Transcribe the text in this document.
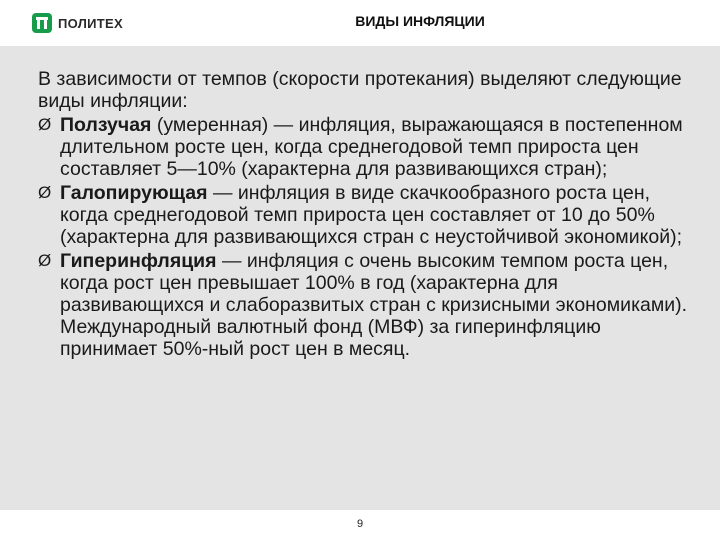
ПОЛИТЕХ	ВИДЫ ИНФЛЯЦИИ

В зависимости от темпов (скорости протекания) выделяют следующие виды инфляции:

Ø Ползучая (умеренная) — инфляция, выражающаяся в постепенном длительном росте цен, когда среднегодовой темп прироста цен составляет 5—10% (характерна для развивающихся стран);
Ø Галопирующая — инфляция в виде скачкообразного роста цен, когда среднегодовой темп прироста цен составляет от 10 до 50% (характерна для развивающихся стран с неустойчивой экономикой);
Ø Гиперинфляция — инфляция с очень высоким темпом роста цен, когда рост цен превышает 100% в год (характерна для развивающихся и слаборазвитых стран с кризисными экономиками). Международный валютный фонд (МВФ) за гиперинфляцию принимает 50%-ный рост цен в месяц.
9
